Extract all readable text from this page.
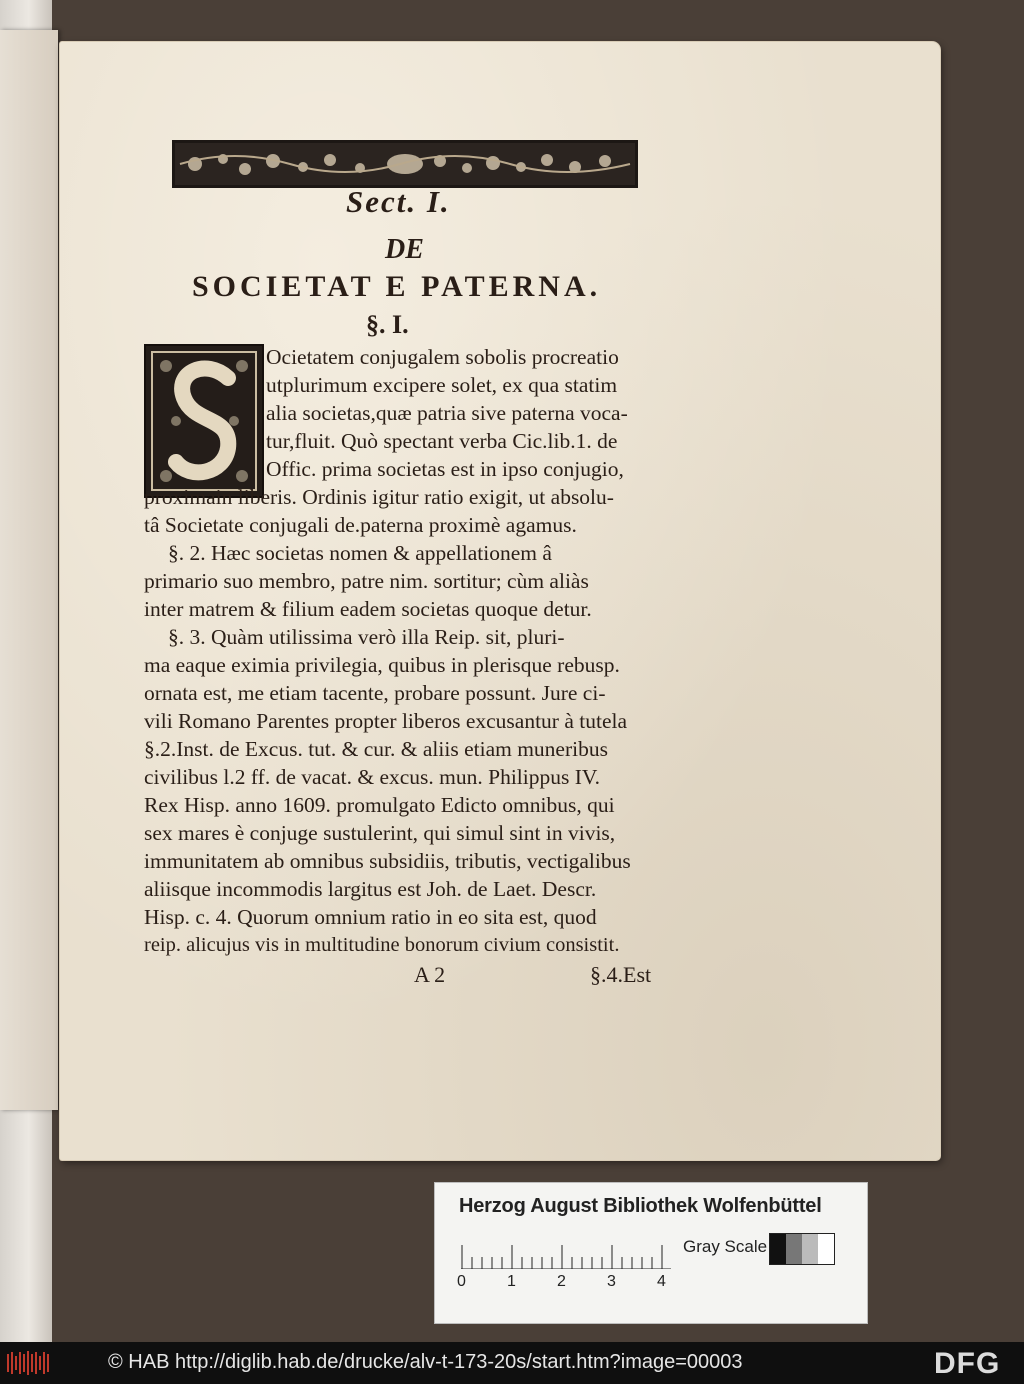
Sect. I.
DE
SOCIETAT E PATERNA.
§. I.
Ocietatem conjugalem sobolis procreatio
utplurimum excipere solet, ex qua statim
alia societas,quæ patria sive paterna voca-
tur,fluit. Quò spectant verba Cic.lib.1. de
Offic. prima societas est in ipso conjugio,
proximain liberis. Ordinis igitur ratio exigit, ut absolu-
tâ Societate conjugali de.paterna proximè agamus.
§. 2. Hæc societas nomen & appellationem â
primario suo membro, patre nim. sortitur; cùm aliàs
inter matrem & filium eadem societas quoque detur.
§. 3. Quàm utilissima verò illa Reip. sit, pluri-
ma eaque eximia privilegia, quibus in plerisque rebusp.
ornata est, me etiam tacente, probare possunt. Jure ci-
vili Romano Parentes propter liberos excusantur à tutela
§.2.Inst. de Excus. tut. & cur. & aliis etiam muneribus
civilibus l.2 ff. de vacat. & excus. mun. Philippus IV.
Rex Hisp. anno 1609. promulgato Edicto omnibus, qui
sex mares è conjuge sustulerint, qui simul sint in vivis,
immunitatem ab omnibus subsidiis, tributis, vectigalibus
aliisque incommodis largitus est Joh. de Laet. Descr.
Hisp. c. 4. Quorum omnium ratio in eo sita est, quod
reip. alicujus vis in multitudine bonorum civium consistit.
A 2	§.4.Est
Herzog August Bibliothek Wolfenbüttel
0	1	2	3	4
Gray Scale
© HAB http://diglib.hab.de/drucke/alv-t-173-20s/start.htm?image=00003	DFG
